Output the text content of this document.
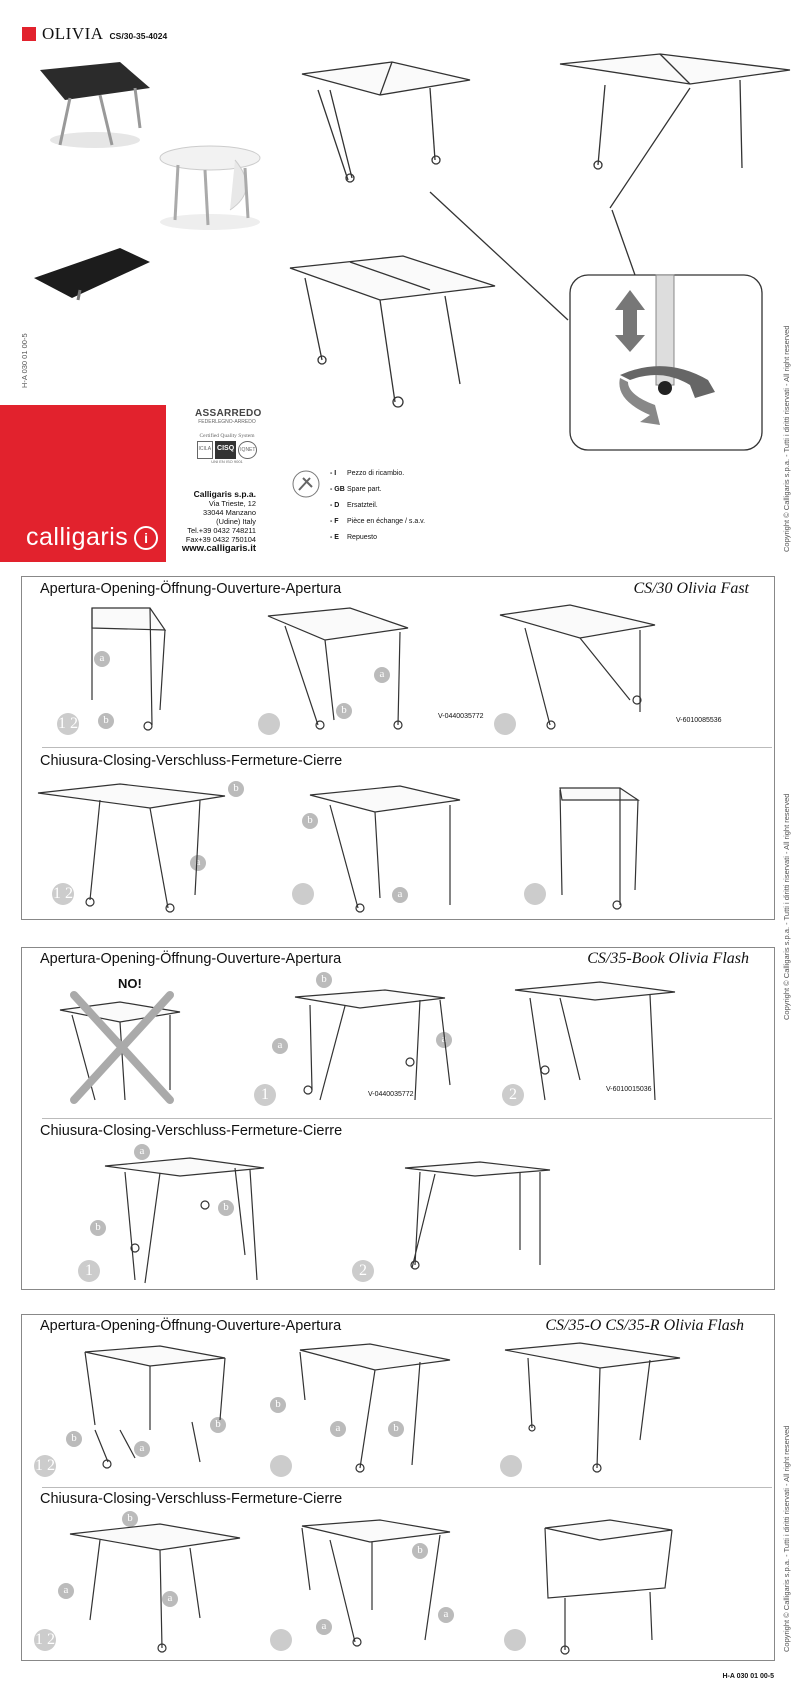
OLIVIA CS/30-35-4024
H-A 030 01 00-5	Copyright © Calligaris s.p.a. - Tutti i diritti riservati - All right reserved
calligaris	i
ASSARREDO
FEDERLEGNO-ARREDO
Certified Quality System
ICILA CISQ	IQNET
UNI EN ISO 9001
Calligaris s.p.a.
Via Trieste, 12
33044 Manzano
(Udine) Italy
Tel.+39 0432 748211
Fax+39 0432 750104
www.calligaris.it
- I Pezzo di ricambio.
- GB Spare part.
- D Ersatzteil.
- F Pièce en échange / s.a.v.
- E Repuesto
Apertura-Opening-Öffnung-Ouverture-Apertura	CS/30 Olivia Fast
Chiusura-Closing-Verschluss-Fermeture-Cierre
1 2
a
b
a
b
V-0440035772
V-6010085536
1 2
b
a
b
a
Apertura-Opening-Öffnung-Ouverture-Apertura	CS/35-Book Olivia Flash
NO!
Chiusura-Closing-Verschluss-Fermeture-Cierre
1	2
b
a	a
V-0440035772
V-6010015036
1	2
a
b
b
Apertura-Opening-Öffnung-Ouverture-Apertura	CS/35-O CS/35-R Olivia Flash
Chiusura-Closing-Verschluss-Fermeture-Cierre
1 2
b
a
b
b
a	b
1 2
b
a
a
b
a
a
Copyright © Calligaris s.p.a. - Tutti i diritti riservati - All right reserved
Copyright © Calligaris s.p.a. - Tutti i diritti riservati - All right reserved
H-A 030 01 00-5
